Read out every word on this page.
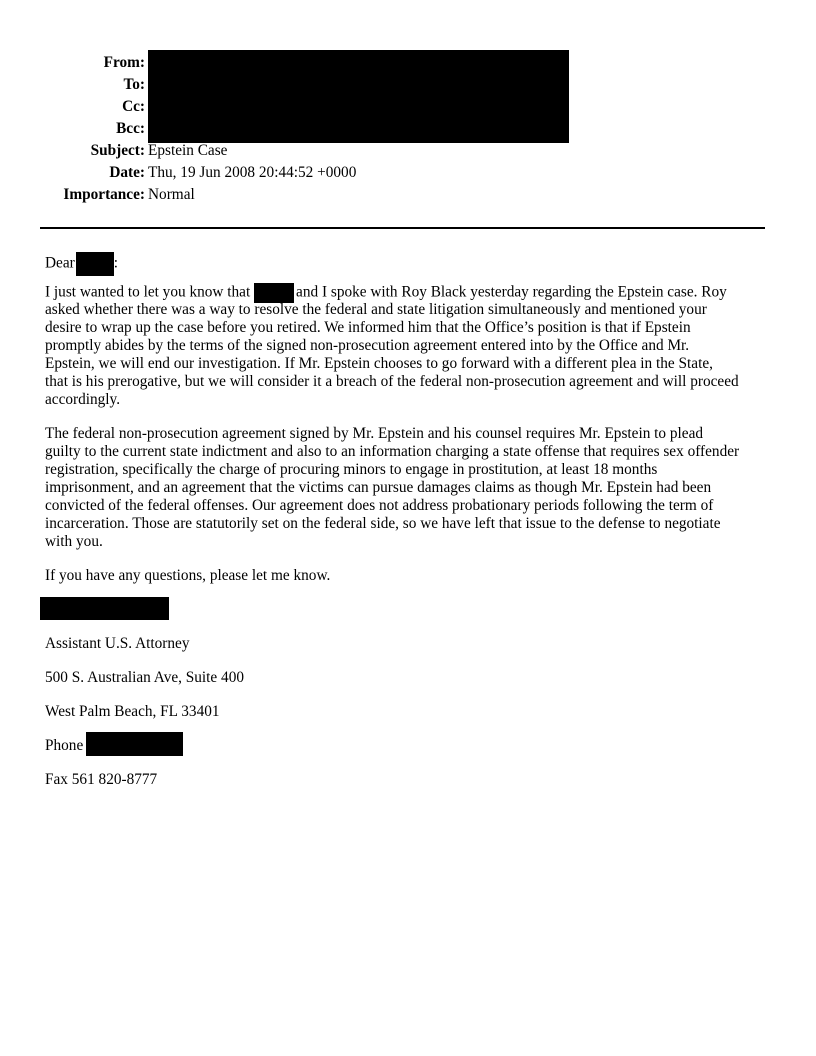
From:
To:
Cc:
Bcc:
Subject: Epstein Case
Date: Thu, 19 Jun 2008 20:44:52 +0000
Importance: Normal
Dear	:
I just wanted to let you know that	and I spoke with Roy Black yesterday regarding the Epstein case. Roy
asked whether there was a way to resolve the federal and state litigation simultaneously and mentioned your
desire to wrap up the case before you retired. We informed him that the Office’s position is that if Epstein
promptly abides by the terms of the signed non-prosecution agreement entered into by the Office and Mr.
Epstein, we will end our investigation. If Mr. Epstein chooses to go forward with a different plea in the State,
that is his prerogative, but we will consider it a breach of the federal non-prosecution agreement and will proceed
accordingly.
The federal non-prosecution agreement signed by Mr. Epstein and his counsel requires Mr. Epstein to plead
guilty to the current state indictment and also to an information charging a state offense that requires sex offender
registration, specifically the charge of procuring minors to engage in prostitution, at least 18 months
imprisonment, and an agreement that the victims can pursue damages claims as though Mr. Epstein had been
convicted of the federal offenses. Our agreement does not address probationary periods following the term of
incarceration. Those are statutorily set on the federal side, so we have left that issue to the defense to negotiate
with you.
If you have any questions, please let me know.
Assistant U.S. Attorney
500 S. Australian Ave, Suite 400
West Palm Beach, FL 33401
Phone
Fax 561 820-8777
